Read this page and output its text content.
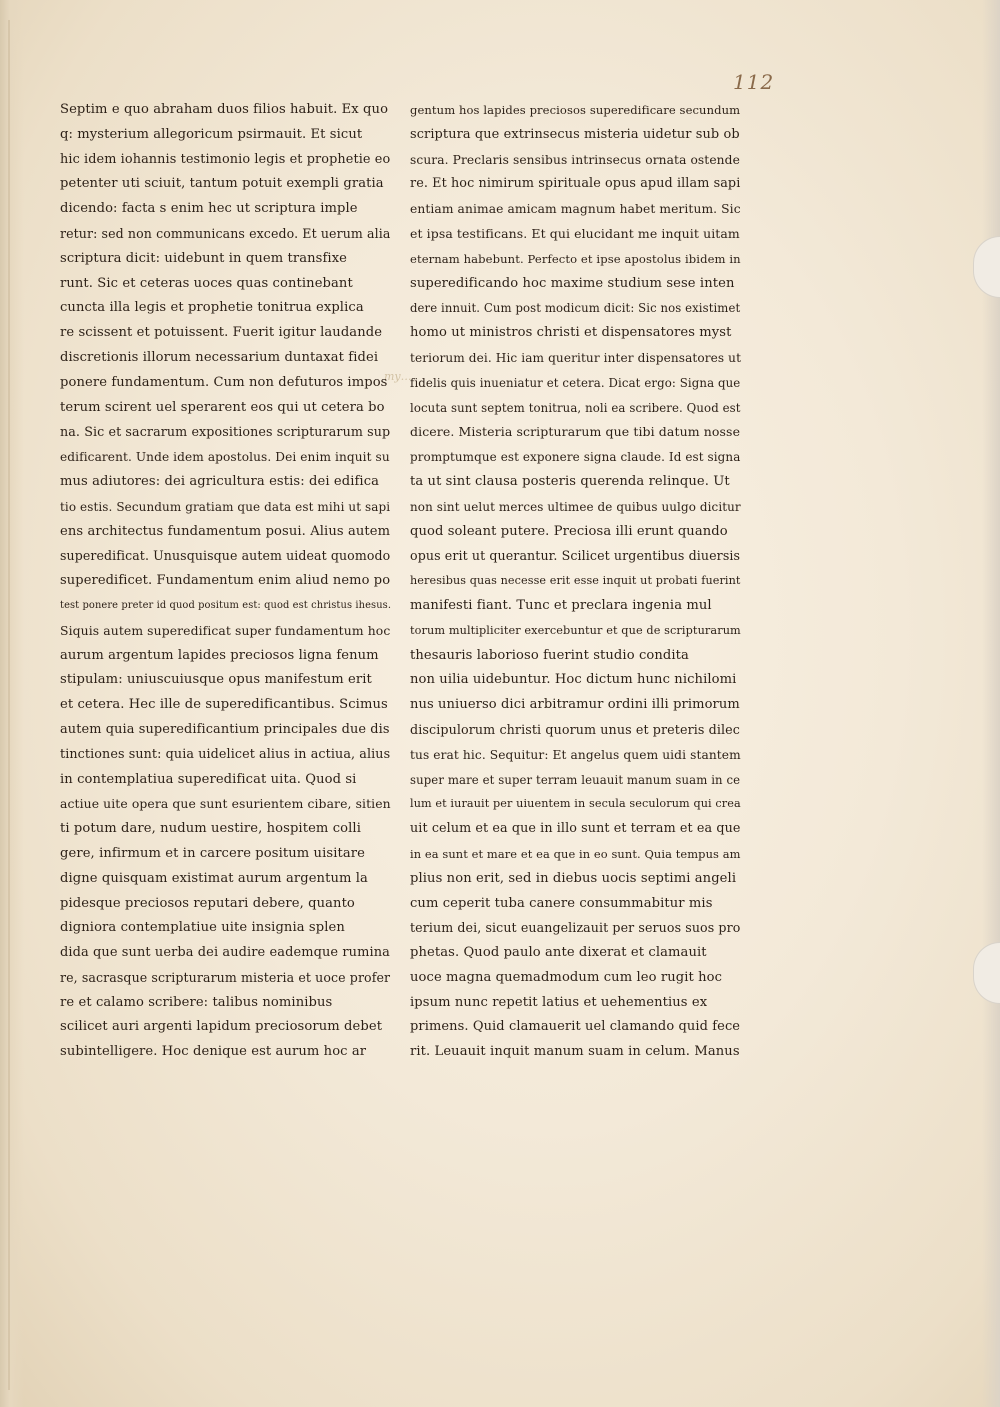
112
my…
Septim e quo abraham duos filios habuit. Ex quo
q: mysterium allegoricum psirmauit. Et sicut
hic idem iohannis testimonio legis et prophetie eo
petenter uti sciuit, tantum potuit exempli gratia
dicendo: facta s enim hec ut scriptura imple
retur: sed non communicans excedo. Et uerum alia
scriptura dicit: uidebunt in quem transfixe
runt. Sic et ceteras uoces quas continebant
cuncta illa legis et prophetie tonitrua explica
re scissent et potuissent. Fuerit igitur laudande
discretionis illorum necessarium duntaxat fidei
ponere fundamentum. Cum non defuturos impos
terum scirent uel sperarent eos qui ut cetera bo
na. Sic et sacrarum expositiones scripturarum sup
edificarent. Unde idem apostolus. Dei enim inquit su
mus adiutores: dei agricultura estis: dei edifica
tio estis. Secundum gratiam que data est mihi ut sapi
ens architectus fundamentum posui. Alius autem
superedificat. Unusquisque autem uideat quomodo
superedificet. Fundamentum enim aliud nemo po
test ponere preter id quod positum est: quod est christus ihesus.
Siquis autem superedificat super fundamentum hoc
aurum argentum lapides preciosos ligna fenum
stipulam: uniuscuiusque opus manifestum erit
et cetera. Hec ille de superedificantibus. Scimus
autem quia superedificantium principales due dis
tinctiones sunt: quia uidelicet alius in actiua, alius
in contemplatiua superedificat uita. Quod si
actiue uite opera que sunt esurientem cibare, sitien
ti potum dare, nudum uestire, hospitem colli
gere, infirmum et in carcere positum uisitare
digne quisquam existimat aurum argentum la
pidesque preciosos reputari debere, quanto
digniora contemplatiue uite insignia splen
dida que sunt uerba dei audire eademque rumina
re, sacrasque scripturarum misteria et uoce profer
re et calamo scribere: talibus nominibus
scilicet auri argenti lapidum preciosorum debet
subintelligere. Hoc denique est aurum hoc ar
gentum hos lapides preciosos superedificare secundum
scriptura que extrinsecus misteria uidetur sub ob
scura. Preclaris sensibus intrinsecus ornata ostende
re. Et hoc nimirum spirituale opus apud illam sapi
entiam animae amicam magnum habet meritum. Sic
et ipsa testificans. Et qui elucidant me inquit uitam
eternam habebunt. Perfecto et ipse apostolus ibidem in
superedificando hoc maxime studium sese inten
dere innuit. Cum post modicum dicit: Sic nos existimet
homo ut ministros christi et dispensatores myst
teriorum dei. Hic iam queritur inter dispensatores ut
fidelis quis inueniatur et cetera. Dicat ergo: Signa que
locuta sunt septem tonitrua, noli ea scribere. Quod est
dicere. Misteria scripturarum que tibi datum nosse
promptumque est exponere signa claude. Id est signa
ta ut sint clausa posteris querenda relinque. Ut
non sint uelut merces ultimee de quibus uulgo dicitur
quod soleant putere. Preciosa illi erunt quando
opus erit ut querantur. Scilicet urgentibus diuersis
heresibus quas necesse erit esse inquit ut probati fuerint
manifesti fiant. Tunc et preclara ingenia mul
torum multipliciter exercebuntur et que de scripturarum
thesauris laborioso fuerint studio condita
non uilia uidebuntur. Hoc dictum hunc nichilomi
nus uniuerso dici arbitramur ordini illi primorum
discipulorum christi quorum unus et preteris dilec
tus erat hic. Sequitur: Et angelus quem uidi stantem
super mare et super terram leuauit manum suam in ce
lum et iurauit per uiuentem in secula seculorum qui crea
uit celum et ea que in illo sunt et terram et ea que
in ea sunt et mare et ea que in eo sunt. Quia tempus am
plius non erit, sed in diebus uocis septimi angeli
cum ceperit tuba canere consummabitur mis
terium dei, sicut euangelizauit per seruos suos pro
phetas. Quod paulo ante dixerat et clamauit
uoce magna quemadmodum cum leo rugit hoc
ipsum nunc repetit latius et uehementius ex
primens. Quid clamauerit uel clamando quid fece
rit. Leuauit inquit manum suam in celum. Manus
